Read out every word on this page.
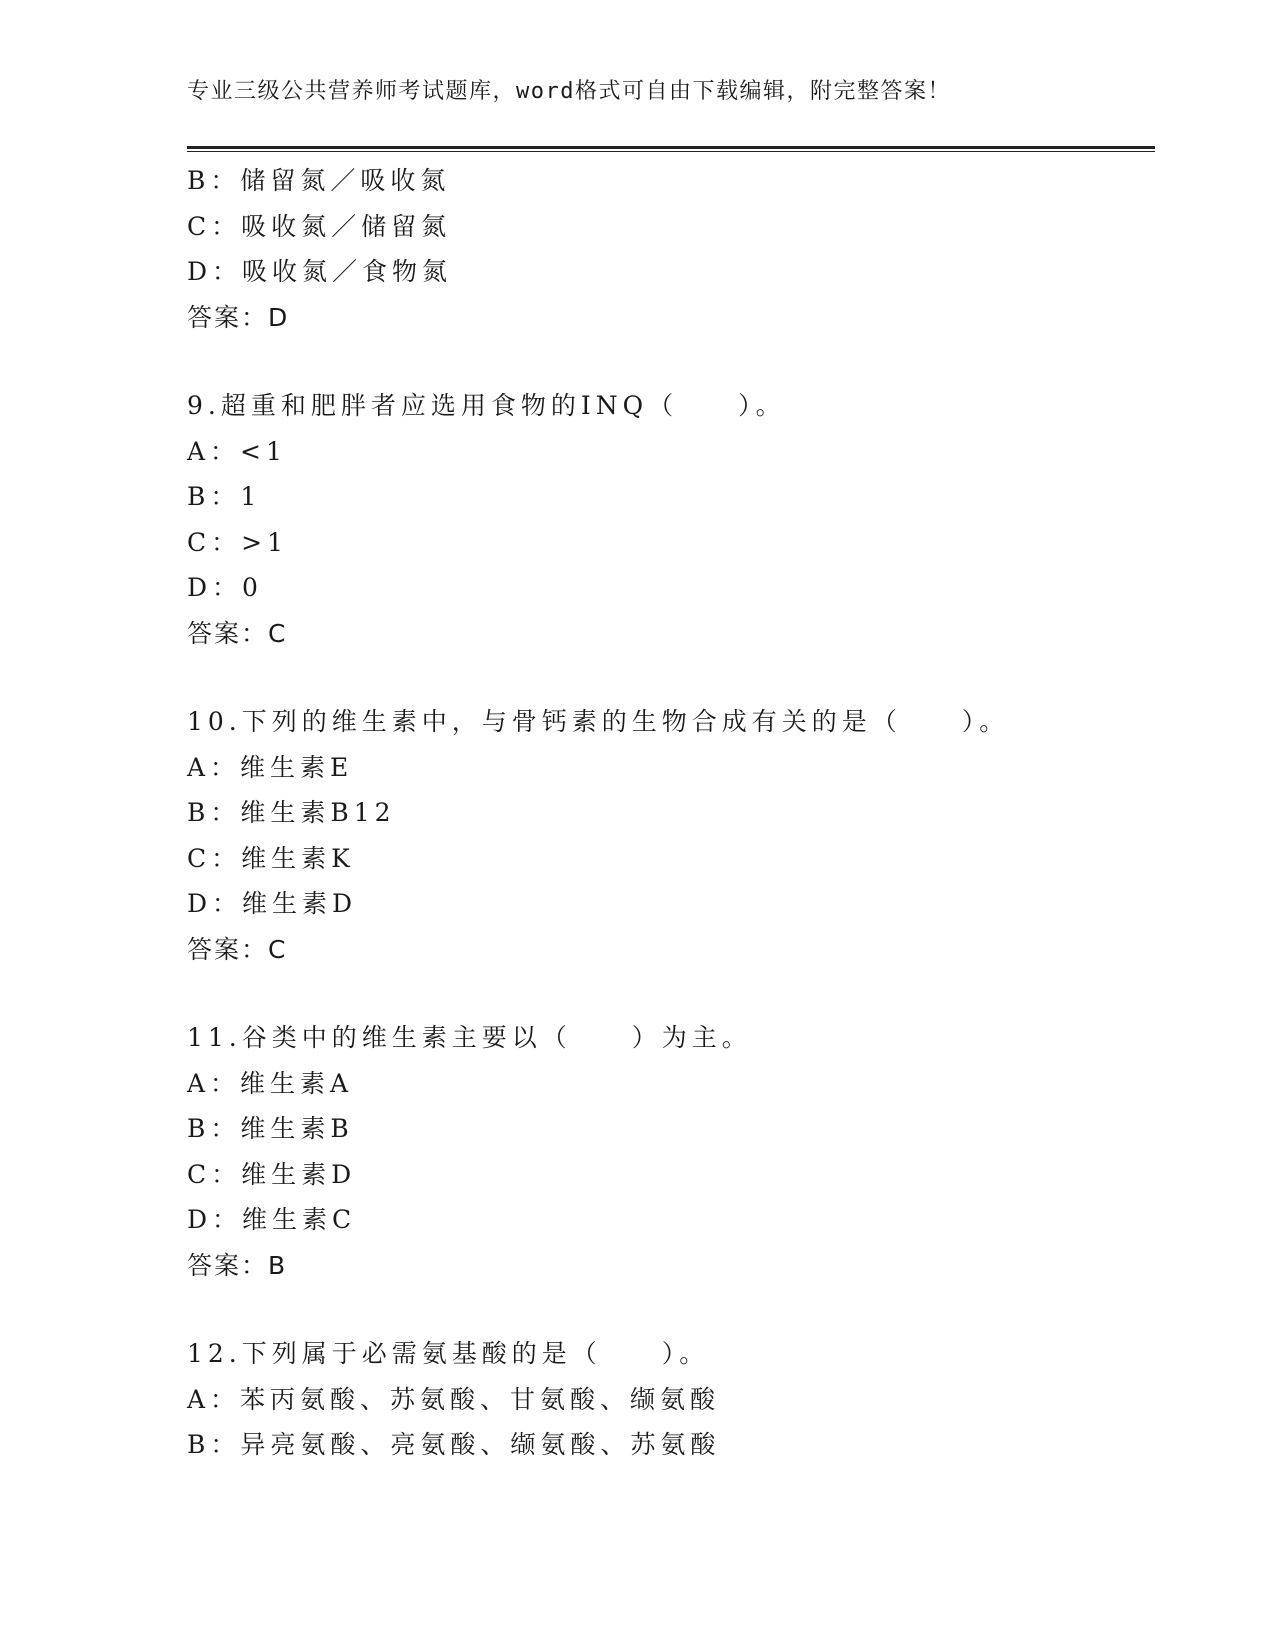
专业三级公共营养师考试题库，word格式可自由下载编辑，附完整答案！
B：储留氮／吸收氮
C：吸收氮／储留氮
D：吸收氮／食物氮
答案：D
9.超重和肥胖者应选用食物的INQ（　　）。
A：<1
B：1
C：>1
D：0
答案：C
10.下列的维生素中，与骨钙素的生物合成有关的是（　　）。
A：维生素E
B：维生素B12
C：维生素K
D：维生素D
答案：C
11.谷类中的维生素主要以（　　）为主。
A：维生素A
B：维生素B
C：维生素D
D：维生素C
答案：B
12.下列属于必需氨基酸的是（　　）。
A：苯丙氨酸、苏氨酸、甘氨酸、缬氨酸
B：异亮氨酸、亮氨酸、缬氨酸、苏氨酸
